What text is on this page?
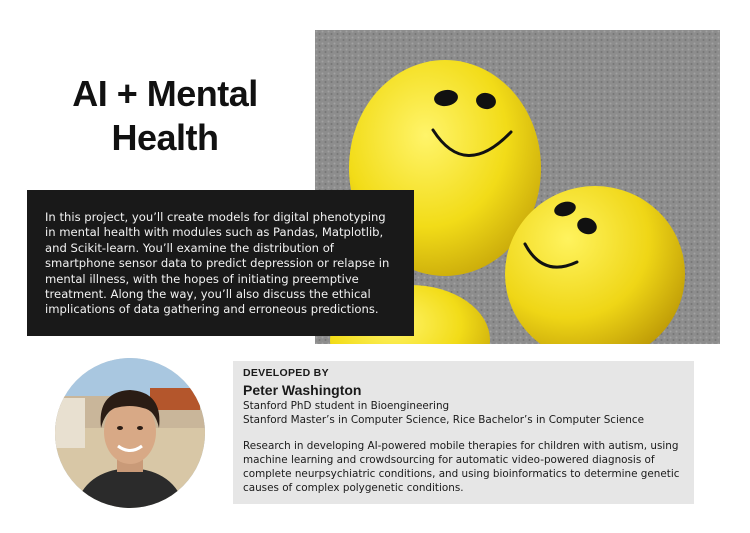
AI + Mental
Health

In this project, you’ll create models for digital phenotyping in mental health with modules such as Pandas, Matplotlib, and Scikit-learn. You’ll examine the distribution of smartphone sensor data to predict depression or relapse in mental illness, with the hopes of initiating preemptive treatment. Along the way, you’ll also discuss the ethical implications of data gathering and erroneous predictions.

DEVELOPED BY
Peter Washington
Stanford PhD student in Bioengineering
Stanford Master’s in Computer Science, Rice Bachelor’s in Computer Science
Research in developing AI-powered mobile therapies for children with autism, using machine learning and crowdsourcing for automatic video-powered diagnosis of complete neurpsychiatric conditions, and using bioinformatics to determine genetic causes of complex polygenetic conditions.
